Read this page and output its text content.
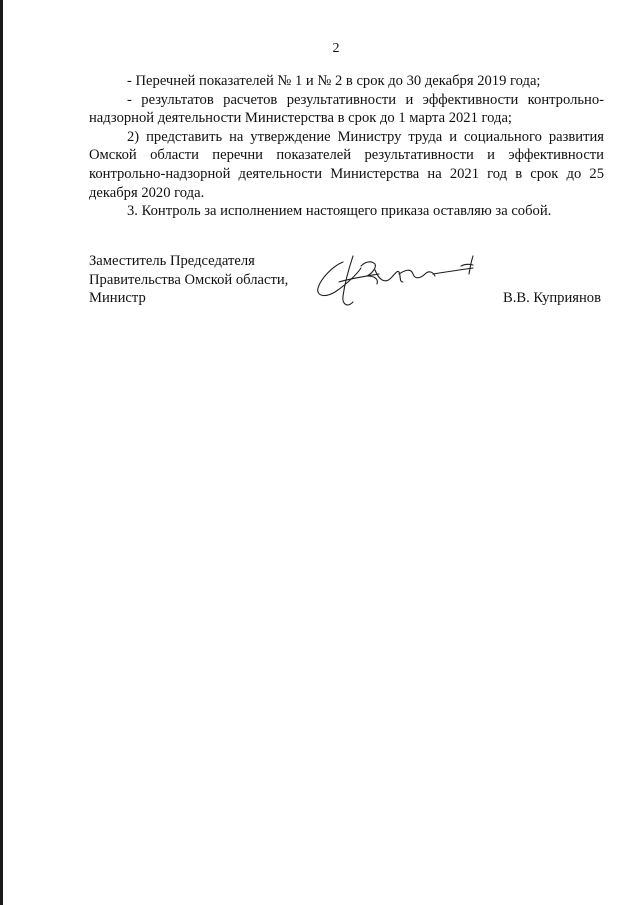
2

- Перечней показателей № 1 и № 2 в срок до 30 декабря 2019 года;

- результатов расчетов результативности и эффективности контрольно-надзорной деятельности Министерства в срок до 1 марта 2021 года;

2) представить на утверждение Министру труда и социального развития Омской области перечни показателей результативности и эффективности контрольно-надзорной деятельности Министерства на 2021 год в срок до 25 декабря 2020 года.

3. Контроль за исполнением настоящего приказа оставляю за собой.

Заместитель Председателя
Правительства Омской области,
Министр	В.В. Куприянов
